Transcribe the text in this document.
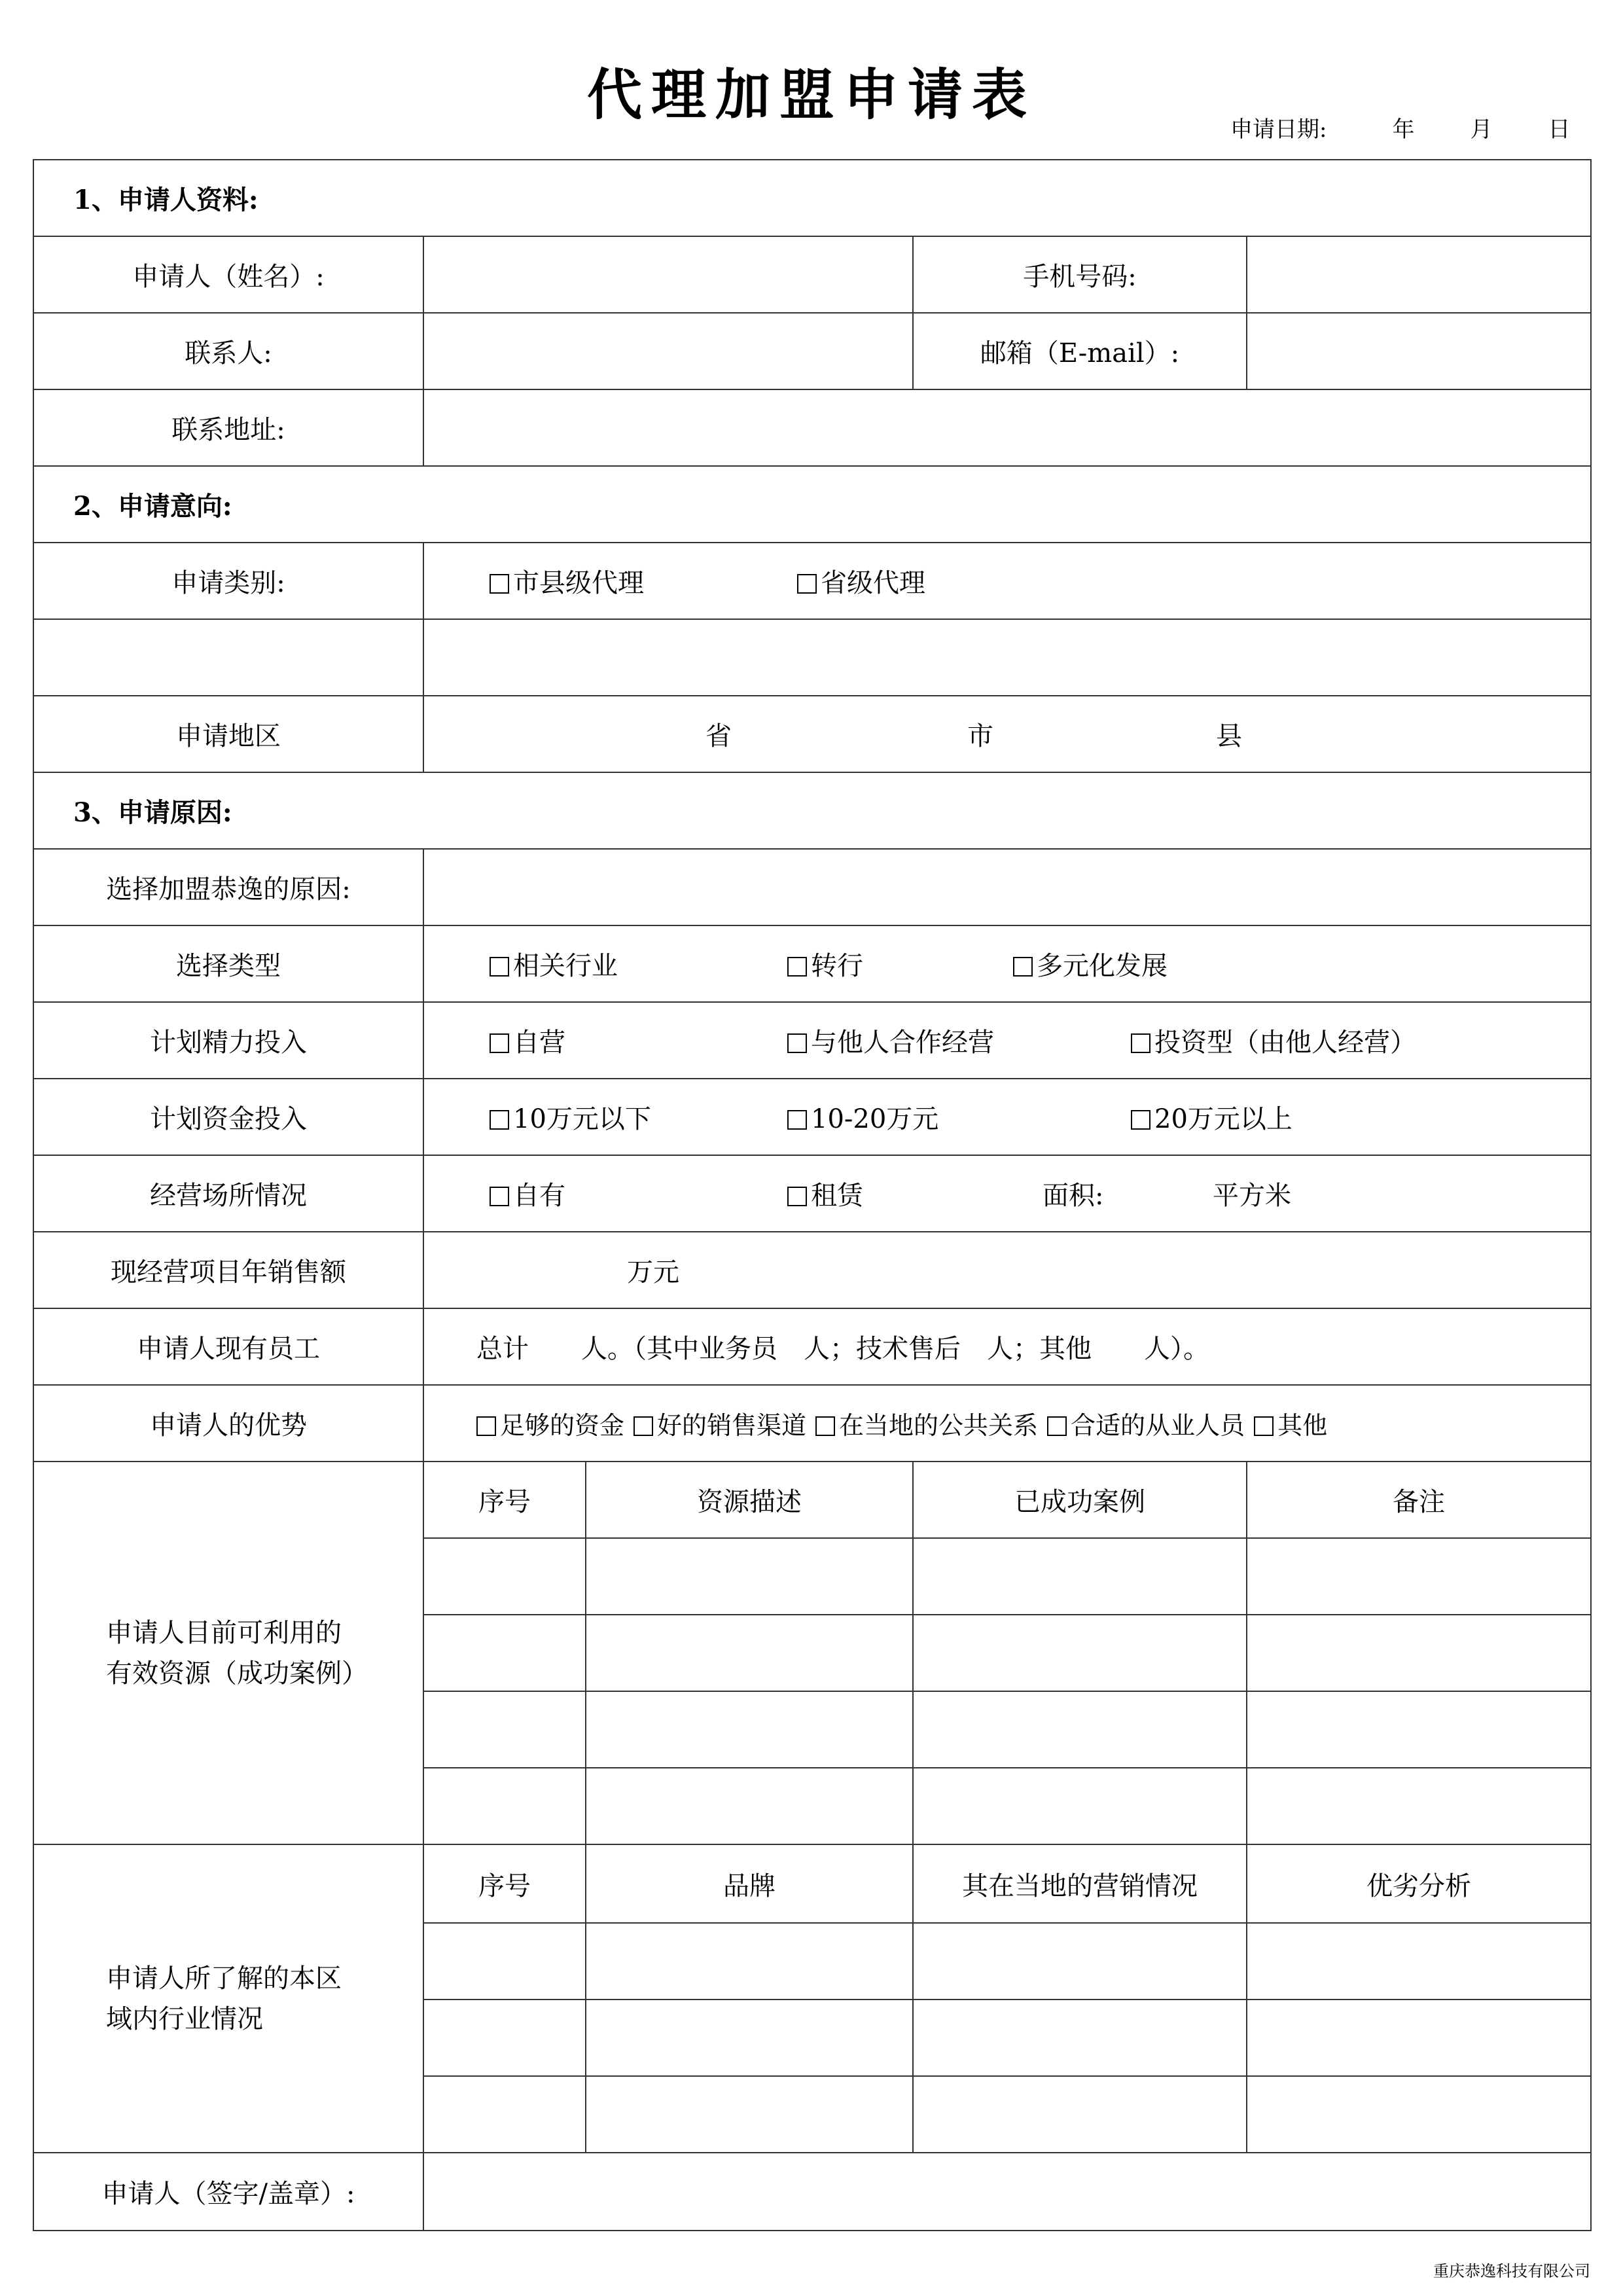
代理加盟申请表
申请日期:	年	月	日
1、申请人资料:				
申请人（姓名）:			手机号码:	
联系人:			邮箱（E-mail）:	
联系地址:				
2、申请意向:				
申请类别:	市县级代理 省级代理			

申请地区	省 市 县			
3、申请原因:				
选择加盟恭逸的原因:				
选择类型	相关行业 转行 多元化发展			
计划精力投入	自营 与他人合作经营 投资型（由他人经营）			
计划资金投入	10万元以下 10-20万元 20万元以上			
经营场所情况	自有 租赁 面积: 平方米			
现经营项目年销售额	万元			
申请人现有员工	总计　　人。（其中业务员　人；技术售后　人；其他　　人）。			
申请人的优势	足够的资金 好的销售渠道 在当地的公共关系 合适的从业人员 其他			
申请人目前可利用的有效资源（成功案例）	序号	资源描述	已成功案例	备注

申请人所了解的本区域内行业情况	序号	品牌	其在当地的营销情况	优劣分析

申请人（签字/盖章）:				
重庆恭逸科技有限公司
